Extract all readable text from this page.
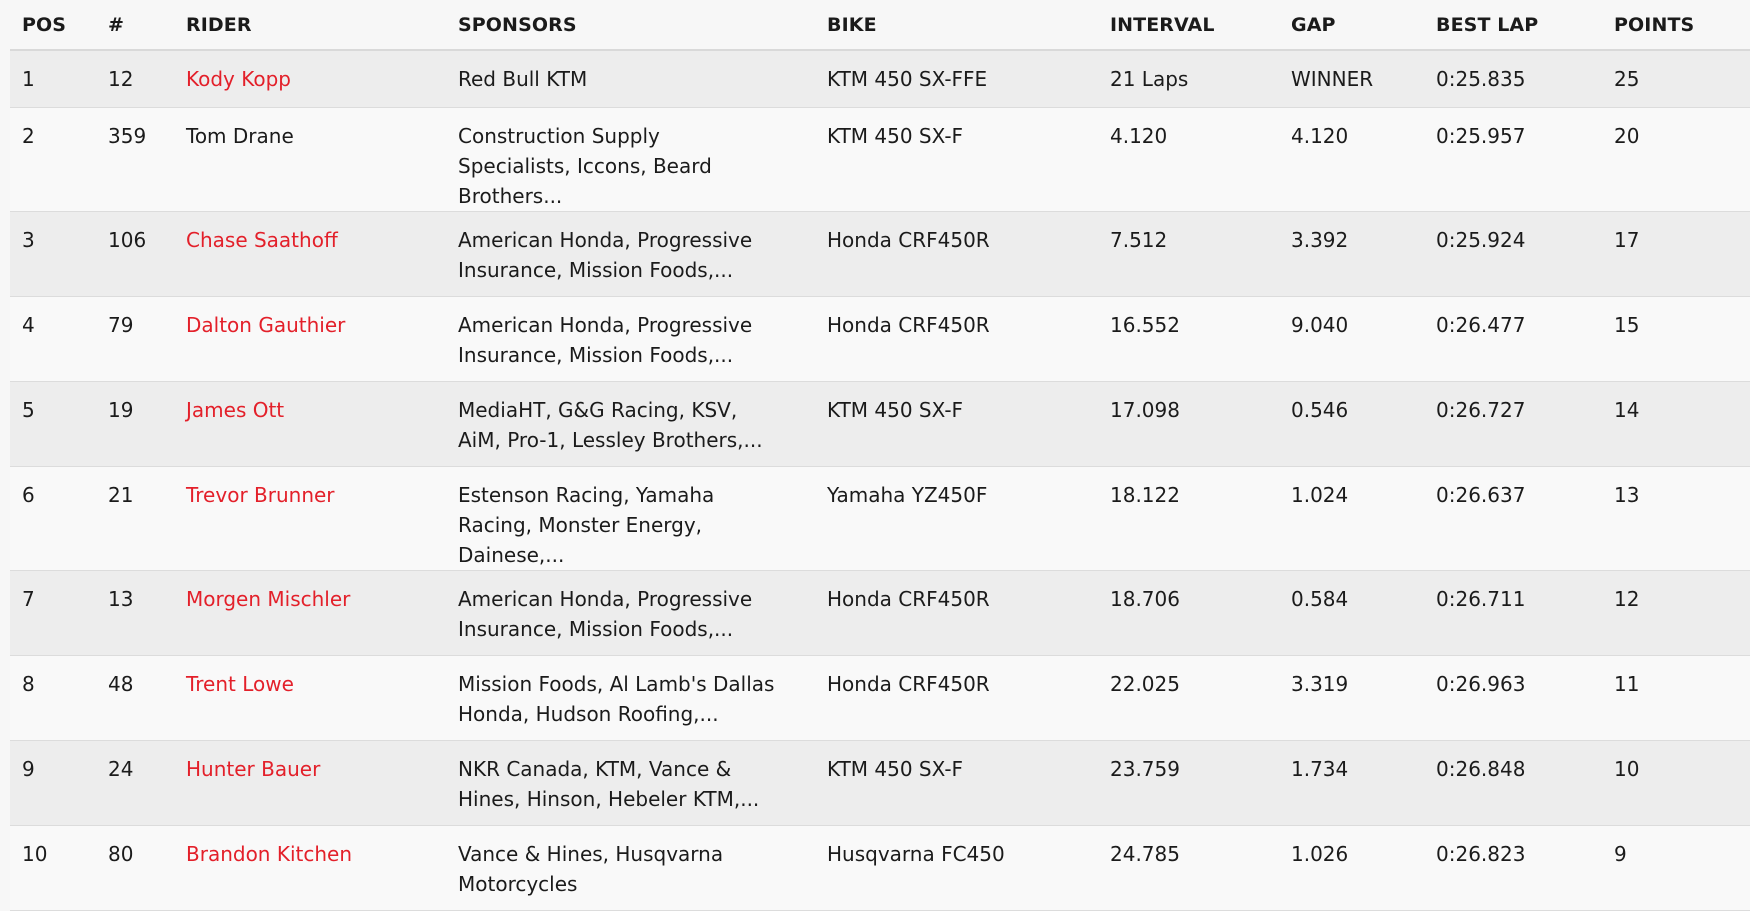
POS	#	RIDER	SPONSORS	BIKE	INTERVAL	GAP	BEST LAP	POINTS
1	12	Kody Kopp	Red Bull KTM	KTM 450 SX-FFE	21 Laps	WINNER	0:25.835	25
2	359	Tom Drane	Construction Supply Specialists, Iccons, Beard Brothers...	KTM 450 SX-F	4.120	4.120	0:25.957	20
3	106	Chase Saathoff	American Honda, Progressive Insurance, Mission Foods,...	Honda CRF450R	7.512	3.392	0:25.924	17
4	79	Dalton Gauthier	American Honda, Progressive Insurance, Mission Foods,...	Honda CRF450R	16.552	9.040	0:26.477	15
5	19	James Ott	MediaHT, G&G Racing, KSV, AiM, Pro-1, Lessley Brothers,...	KTM 450 SX-F	17.098	0.546	0:26.727	14
6	21	Trevor Brunner	Estenson Racing, Yamaha Racing, Monster Energy, Dainese,...	Yamaha YZ450F	18.122	1.024	0:26.637	13
7	13	Morgen Mischler	American Honda, Progressive Insurance, Mission Foods,...	Honda CRF450R	18.706	0.584	0:26.711	12
8	48	Trent Lowe	Mission Foods, Al Lamb's Dallas Honda, Hudson Roofing,...	Honda CRF450R	22.025	3.319	0:26.963	11
9	24	Hunter Bauer	NKR Canada, KTM, Vance & Hines, Hinson, Hebeler KTM,...	KTM 450 SX-F	23.759	1.734	0:26.848	10
10	80	Brandon Kitchen	Vance & Hines, Husqvarna Motorcycles	Husqvarna FC450	24.785	1.026	0:26.823	9
